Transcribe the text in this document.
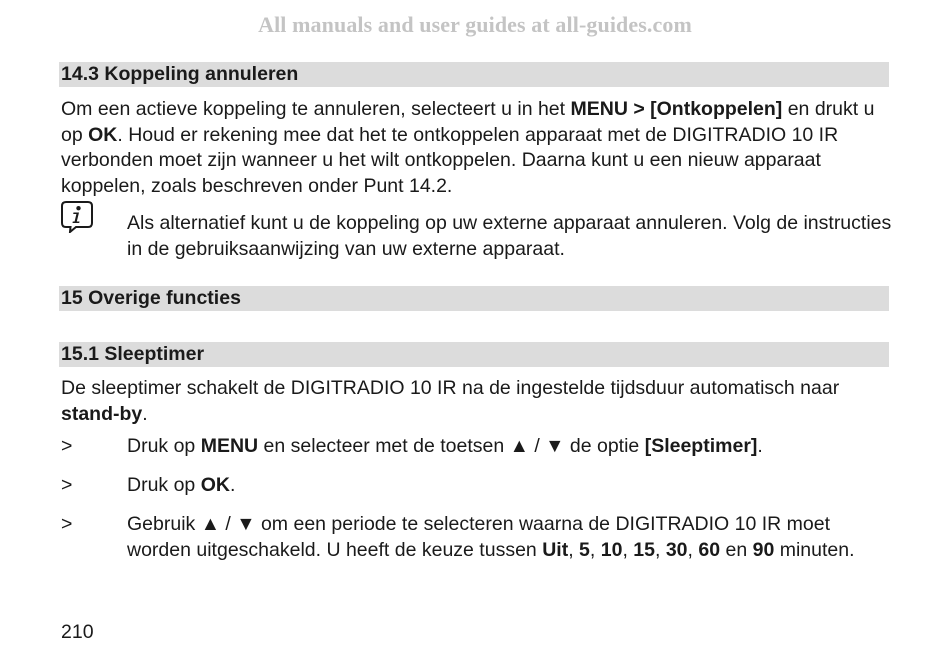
All manuals and user guides at all-guides.com
14.3 Koppeling annuleren

Om een actieve koppeling te annuleren, selecteert u in het MENU > [Ontkoppelen] en drukt u op OK. Houd er rekening mee dat het te ontkoppelen apparaat met de DIGITRADIO 10 IR verbonden moet zijn wanneer u het wilt ontkoppelen. Daarna kunt u een nieuw apparaat koppelen, zoals beschreven onder Punt 14.2.

Als alternatief kunt u de koppeling op uw externe apparaat annuleren. Volg de instructies in de gebruiksaanwijzing van uw externe apparaat.
15 Overige functies
15.1 Sleeptimer

De sleeptimer schakelt de DIGITRADIO 10 IR na de ingestelde tijdsduur automatisch naar stand-by.

>	Druk op MENU en selecteer met de toetsen ▲ / ▼ de optie [Sleeptimer].
>	Druk op OK.
>	Gebruik ▲ / ▼ om een periode te selecteren waarna de DIGITRADIO 10 IR moet worden uitgeschakeld. U heeft de keuze tussen Uit, 5, 10, 15, 30, 60 en 90 minuten.
210
